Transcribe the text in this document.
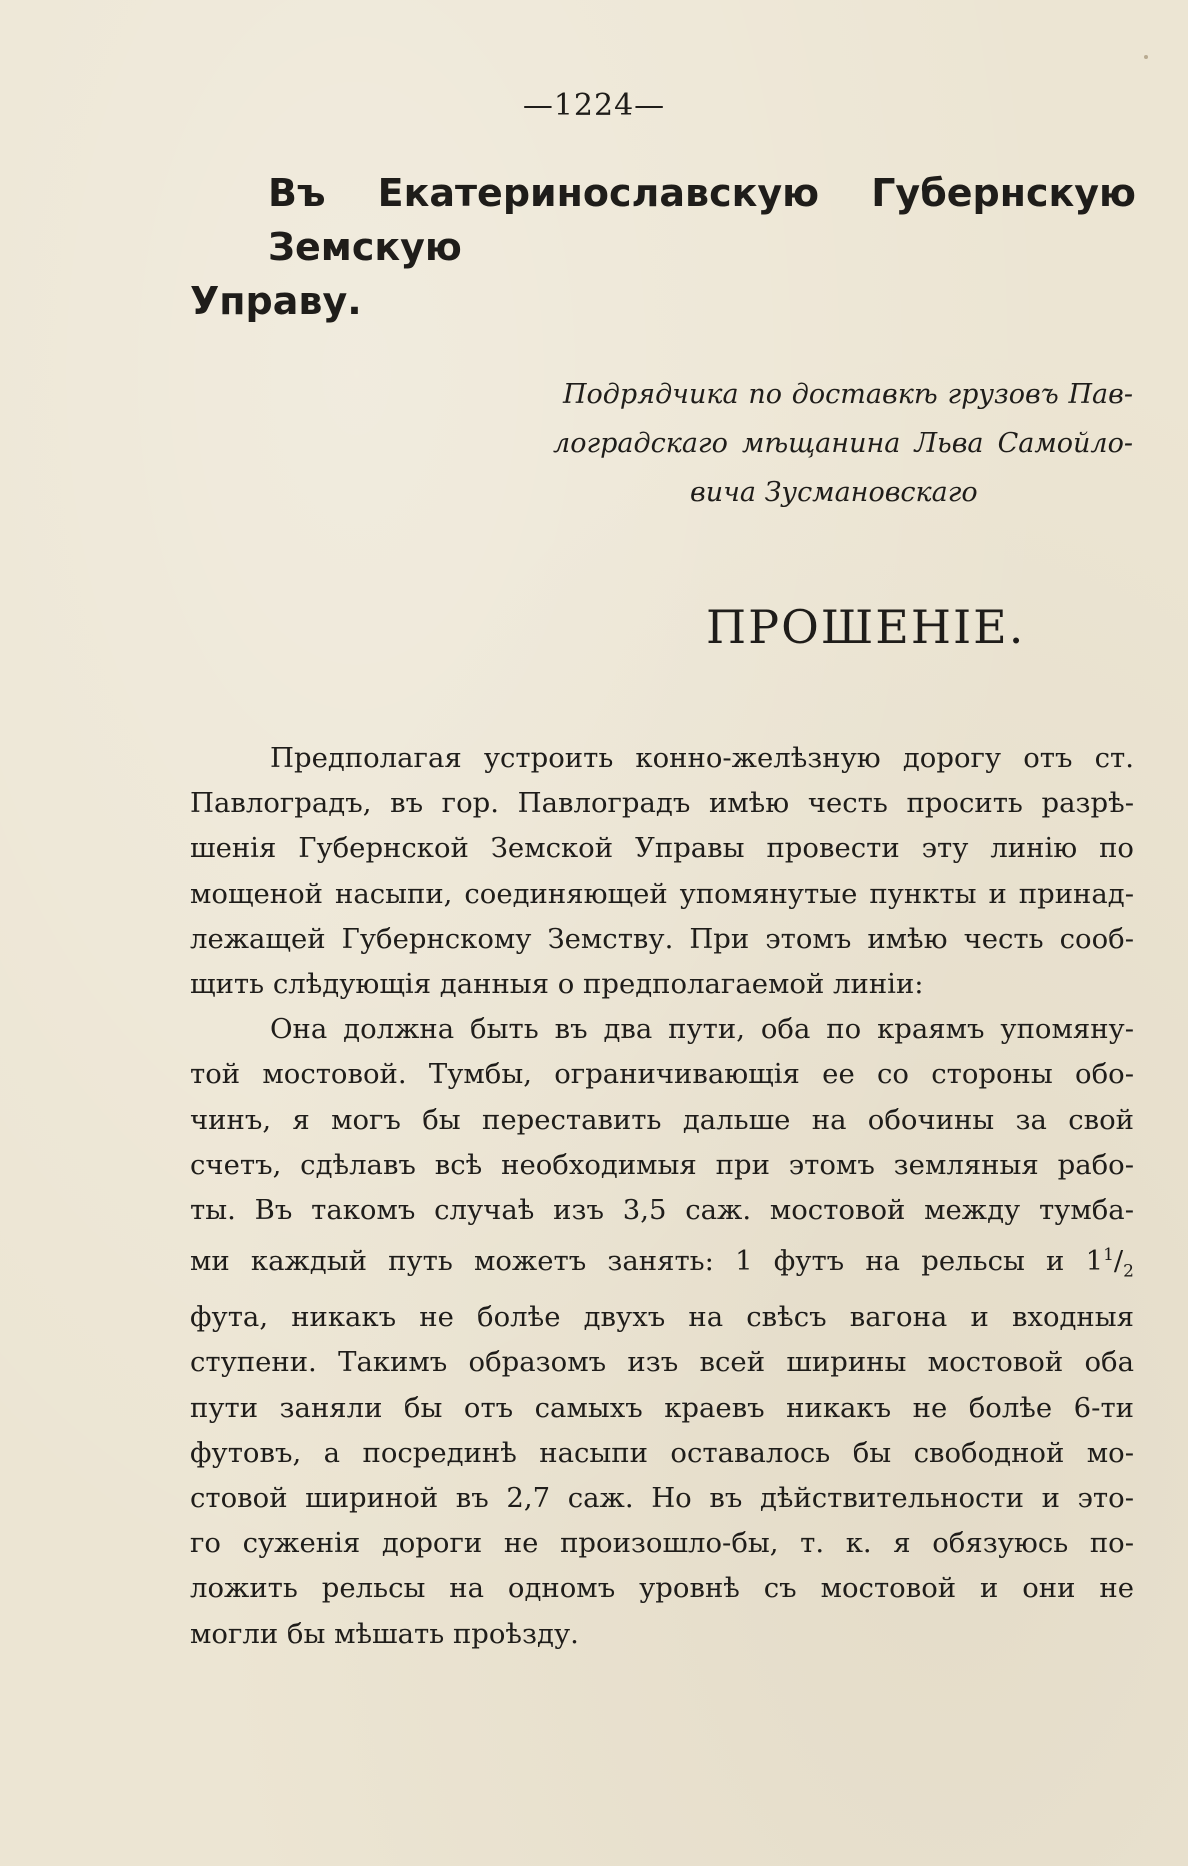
—1224—
Въ Екатеринославскую Губернскую Земскую
Управу.
Подрядчика по доставкѣ грузовъ Пав-
лоградскаго мѣщанина Льва Самойло-
вича Зусмановскаго
ПРОШЕНІЕ.
Предполагая устроить конно-желѣзную дорогу отъ ст.
Павлоградъ, въ гор. Павлоградъ имѣю честь просить разрѣ-
шенія Губернской Земской Управы провести эту линію по
мощеной насыпи, соединяющей упомянутые пункты и принад-
лежащей Губернскому Земству. При этомъ имѣю честь сооб-
щить слѣдующія данныя о предполагаемой линіи:
Она должна быть въ два пути, оба по краямъ упомяну-
той мостовой. Тумбы, ограничивающія ее со стороны обо-
чинъ, я могъ бы переставить дальше на обочины за свой
счетъ, сдѣлавъ всѣ необходимыя при этомъ земляныя рабо-
ты. Въ такомъ случаѣ изъ 3,5 саж. мостовой между тумба-
ми каждый путь можетъ занять: 1 футъ на рельсы и $1^1/_2$
фута, никакъ не болѣе двухъ на свѣсъ вагона и входныя
ступени. Такимъ образомъ изъ всей ширины мостовой оба
пути заняли бы отъ самыхъ краевъ никакъ не болѣе 6-ти
футовъ, а посрединѣ насыпи оставалось бы свободной мо-
стовой шириной въ 2,7 саж. Но въ дѣйствительности и это-
го суженія дороги не произошло-бы, т. к. я обязуюсь по-
ложить рельсы на одномъ уровнѣ съ мостовой и они не
могли бы мѣшать проѣзду.
